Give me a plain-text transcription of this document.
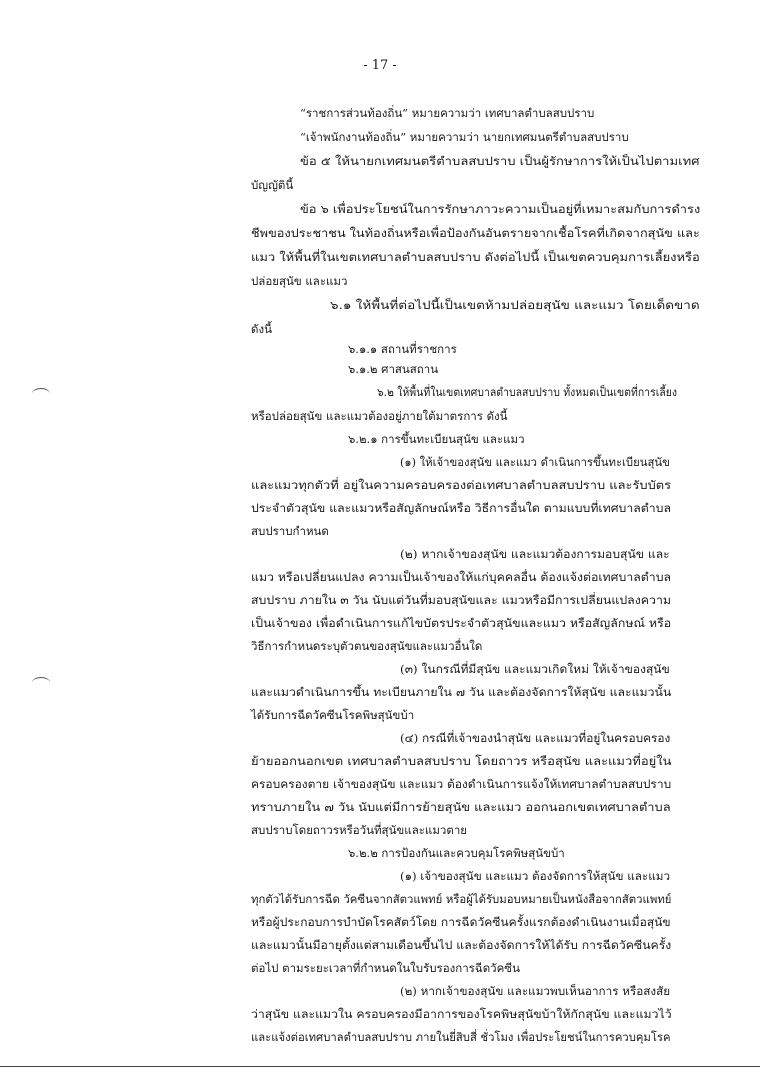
- 17 -
“ราชการส่วนท้องถิ่น” หมายความว่า เทศบาลตำบลสบปราบ
“เจ้าพนักงานท้องถิ่น” หมายความว่า นายกเทศมนตรีตำบลสบปราบ
ข้อ ๕ ให้นายกเทศมนตรีตำบลสบปราบ เป็นผู้รักษาการให้เป็นไปตามเทศ
บัญญัตินี้
ข้อ ๖ เพื่อประโยชน์ในการรักษาภาวะความเป็นอยู่ที่เหมาะสมกับการดำรง
ชีพของประชาชน ในท้องถิ่นหรือเพื่อป้องกันอันตรายจากเชื้อโรคที่เกิดจากสุนัข และ
แมว ให้พื้นที่ในเขตเทศบาลตำบลสบปราบ ดังต่อไปนี้ เป็นเขตควบคุมการเลี้ยงหรือ
ปล่อยสุนัข และแมว
๖.๑ ให้พื้นที่ต่อไปนี้เป็นเขตห้ามปล่อยสุนัข และแมว โดยเด็ดขาด
ดังนี้
๖.๑.๑ สถานที่ราชการ
๖.๑.๒ ศาสนสถาน
๖.๒ ให้พื้นที่ในเขตเทศบาลตำบลสบปราบ ทั้งหมดเป็นเขตที่การเลี้ยง
หรือปล่อยสุนัข และแมวต้องอยู่ภายใต้มาตรการ ดังนี้
๖.๒.๑ การขึ้นทะเบียนสุนัข และแมว
(๑) ให้เจ้าของสุนัข และแมว ดำเนินการขึ้นทะเบียนสุนัข
และแมวทุกตัวที่ อยู่ในความครอบครองต่อเทศบาลตำบลสบปราบ และรับบัตร
ประจำตัวสุนัข และแมวหรือสัญลักษณ์หรือ วิธีการอื่นใด ตามแบบที่เทศบาลตำบล
สบปราบกำหนด
(๒) หากเจ้าของสุนัข และแมวต้องการมอบสุนัข และ
แมว หรือเปลี่ยนแปลง ความเป็นเจ้าของให้แก่บุคคลอื่น ต้องแจ้งต่อเทศบาลตำบล
สบปราบ ภายใน ๓ วัน นับแต่วันที่มอบสุนัขและ แมวหรือมีการเปลี่ยนแปลงความ
เป็นเจ้าของ เพื่อดำเนินการแก้ไขบัตรประจำตัวสุนัขและแมว หรือสัญลักษณ์ หรือ
วิธีการกำหนดระบุตัวตนของสุนัขและแมวอื่นใด
(๓) ในกรณีที่มีสุนัข และแมวเกิดใหม่ ให้เจ้าของสุนัข
และแมวดำเนินการขึ้น ทะเบียนภายใน ๗ วัน และต้องจัดการให้สุนัข และแมวนั้น
ได้รับการฉีดวัคซีนโรคพิษสุนัขบ้า
(๔) กรณีที่เจ้าของนำสุนัข และแมวที่อยู่ในครอบครอง
ย้ายออกนอกเขต เทศบาลตำบลสบปราบ โดยถาวร หรือสุนัข และแมวที่อยู่ใน
ครอบครองตาย เจ้าของสุนัข และแมว ต้องดำเนินการแจ้งให้เทศบาลตำบลสบปราบ
ทราบภายใน ๗ วัน นับแต่มีการย้ายสุนัข และแมว ออกนอกเขตเทศบาลตำบล
สบปราบโดยถาวรหรือวันที่สุนัขและแมวตาย
๖.๒.๒ การป้องกันและควบคุมโรคพิษสุนัขบ้า
(๑) เจ้าของสุนัข และแมว ต้องจัดการให้สุนัข และแมว
ทุกตัวได้รับการฉีด วัคซีนจากสัตวแพทย์ หรือผู้ได้รับมอบหมายเป็นหนังสือจากสัตวแพทย์
หรือผู้ประกอบการบำบัดโรคสัตว์โดย การฉีดวัคซีนครั้งแรกต้องดำเนินงานเมื่อสุนัข
และแมวนั้นมีอายุตั้งแต่สามเดือนขึ้นไป และต้องจัดการให้ได้รับ การฉีดวัคซีนครั้ง
ต่อไป ตามระยะเวลาที่กำหนดในใบรับรองการฉีดวัคซีน
(๒) หากเจ้าของสุนัข และแมวพบเห็นอาการ หรือสงสัย
ว่าสุนัข และแมวใน ครอบครองมีอาการของโรคพิษสุนัขบ้าให้กักสุนัข และแมวไว้
และแจ้งต่อเทศบาลตำบลสบปราบ ภายในยี่สิบสี่ ชั่วโมง เพื่อประโยชน์ในการควบคุมโรค
